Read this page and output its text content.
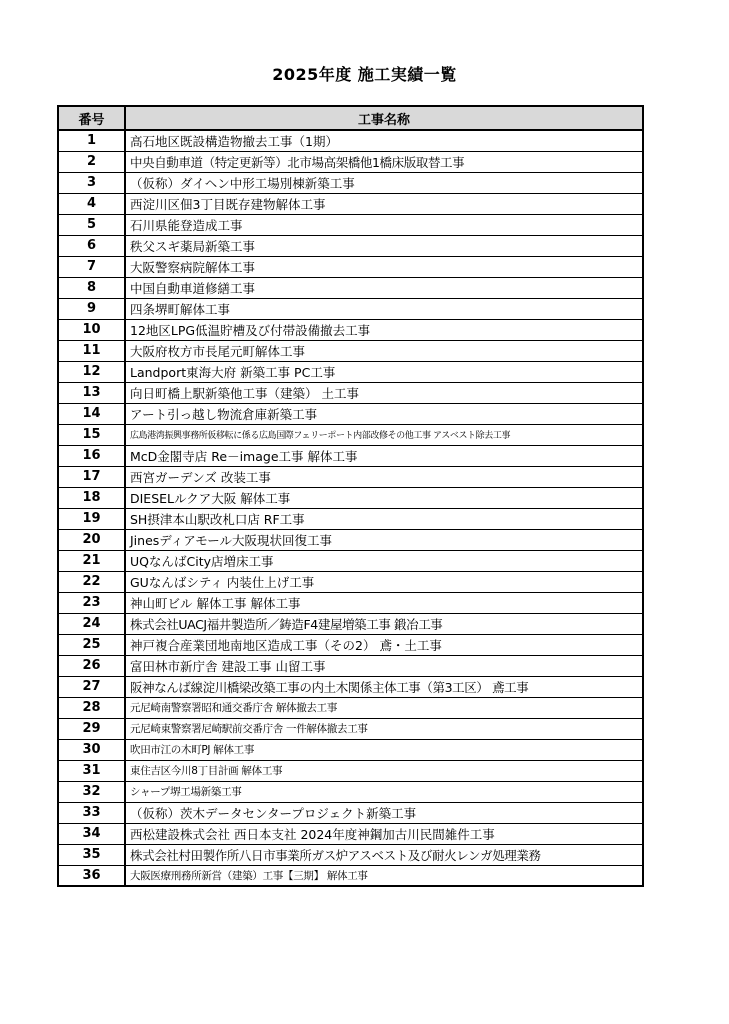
2025年度 施工実績一覧
番号	工事名称
1	高石地区既設構造物撤去工事（1期）
2	中央自動車道（特定更新等）北市場高架橋他1橋床版取替工事
3	（仮称）ダイヘン中形工場別棟新築工事
4	西淀川区佃3丁目既存建物解体工事
5	石川県能登造成工事
6	秩父スギ薬局新築工事
7	大阪警察病院解体工事
8	中国自動車道修繕工事
9	四条堺町解体工事
10	12地区LPG低温貯槽及び付帯設備撤去工事
11	大阪府枚方市長尾元町解体工事
12	Landport東海大府 新築工事 PC工事
13	向日町橋上駅新築他工事（建築） 土工事
14	アート引っ越し物流倉庫新築工事
15	広島港湾振興事務所仮移転に係る広島国際フェリーポート内部改修その他工事 アスベスト除去工事
16	McD金閣寺店 Re－image工事 解体工事
17	西宮ガーデンズ 改装工事
18	DIESELルクア大阪 解体工事
19	SH摂津本山駅改札口店 RF工事
20	Jinesディアモール大阪現状回復工事
21	UQなんばCity店増床工事
22	GUなんばシティ 内装仕上げ工事
23	神山町ビル 解体工事 解体工事
24	株式会社UACJ福井製造所／鋳造F4建屋増築工事 鍛冶工事
25	神戸複合産業団地南地区造成工事（その2） 鳶・土工事
26	富田林市新庁舎 建設工事 山留工事
27	阪神なんば線淀川橋梁改築工事の内土木関係主体工事（第3工区） 鳶工事
28	元尼崎南警察署昭和通交番庁舎 解体撤去工事
29	元尼崎東警察署尼崎駅前交番庁舎 一件解体撤去工事
30	吹田市江の木町PJ 解体工事
31	東住吉区今川8丁目計画 解体工事
32	シャープ堺工場新築工事
33	（仮称）茨木データセンタープロジェクト新築工事
34	西松建設株式会社 西日本支社 2024年度神鋼加古川民間雑件工事
35	株式会社村田製作所八日市事業所ガス炉アスベスト及び耐火レンガ処理業務
36	大阪医療刑務所新営（建築）工事【三期】 解体工事
